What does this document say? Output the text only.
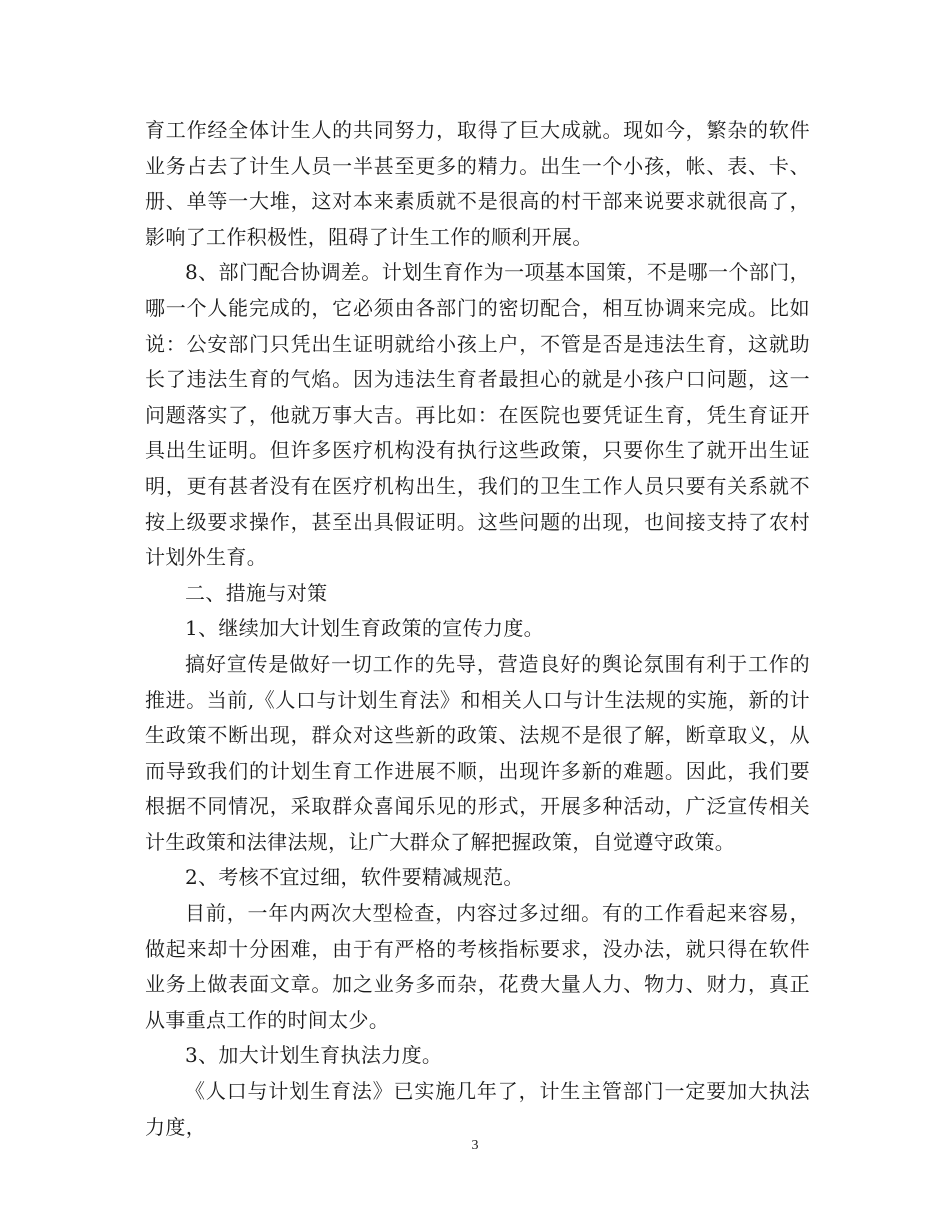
育工作经全体计生人的共同努力，取得了巨大成就。现如今，繁杂的软件业务占去了计生人员一半甚至更多的精力。出生一个小孩，帐、表、卡、册、单等一大堆，这对本来素质就不是很高的村干部来说要求就很高了，影响了工作积极性，阻碍了计生工作的顺利开展。

8、部门配合协调差。计划生育作为一项基本国策，不是哪一个部门，哪一个人能完成的，它必须由各部门的密切配合，相互协调来完成。比如说：公安部门只凭出生证明就给小孩上户，不管是否是违法生育，这就助长了违法生育的气焰。因为违法生育者最担心的就是小孩户口问题，这一问题落实了，他就万事大吉。再比如：在医院也要凭证生育，凭生育证开具出生证明。但许多医疗机构没有执行这些政策，只要你生了就开出生证明，更有甚者没有在医疗机构出生，我们的卫生工作人员只要有关系就不按上级要求操作，甚至出具假证明。这些问题的出现，也间接支持了农村计划外生育。

二、措施与对策

1、继续加大计划生育政策的宣传力度。

搞好宣传是做好一切工作的先导，营造良好的舆论氛围有利于工作的推进。当前,《人口与计划生育法》和相关人口与计生法规的实施，新的计生政策不断出现，群众对这些新的政策、法规不是很了解，断章取义，从而导致我们的计划生育工作进展不顺，出现许多新的难题。因此，我们要根据不同情况，采取群众喜闻乐见的形式，开展多种活动，广泛宣传相关计生政策和法律法规，让广大群众了解把握政策，自觉遵守政策。

2、考核不宜过细，软件要精减规范。

目前，一年内两次大型检查，内容过多过细。有的工作看起来容易，做起来却十分困难，由于有严格的考核指标要求，没办法，就只得在软件业务上做表面文章。加之业务多而杂，花费大量人力、物力、财力，真正从事重点工作的时间太少。

3、加大计划生育执法力度。

《人口与计划生育法》已实施几年了，计生主管部门一定要加大执法力度，

3
